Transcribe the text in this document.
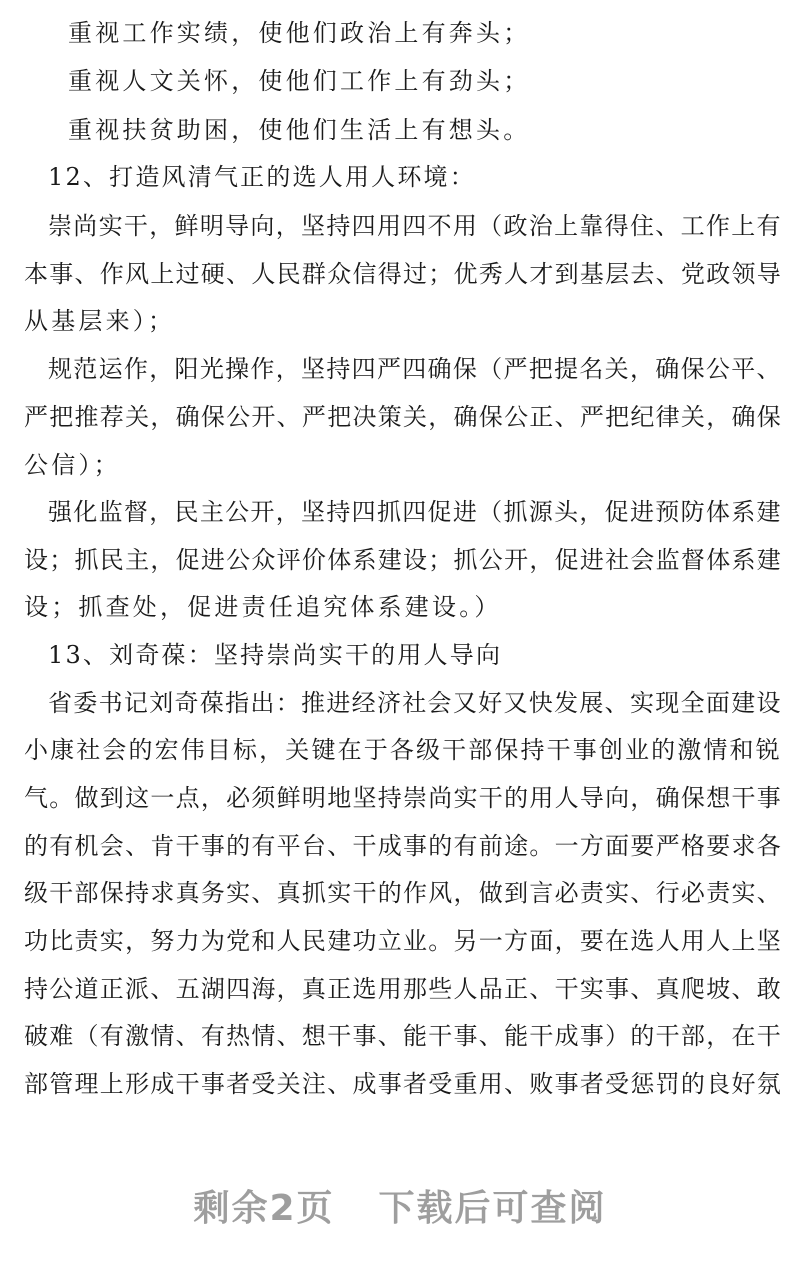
重视工作实绩，使他们政治上有奔头；
重视人文关怀，使他们工作上有劲头；
重视扶贫助困，使他们生活上有想头。
12、打造风清气正的选人用人环境：
崇尚实干，鲜明导向，坚持四用四不用（政治上靠得住、工作上有
本事、作风上过硬、人民群众信得过；优秀人才到基层去、党政领导
从基层来）；
规范运作，阳光操作，坚持四严四确保（严把提名关，确保公平、
严把推荐关，确保公开、严把决策关，确保公正、严把纪律关，确保
公信）；
强化监督，民主公开，坚持四抓四促进（抓源头，促进预防体系建
设；抓民主，促进公众评价体系建设；抓公开，促进社会监督体系建
设；抓查处，促进责任追究体系建设。）
13、刘奇葆：坚持崇尚实干的用人导向
省委书记刘奇葆指出：推进经济社会又好又快发展、实现全面建设
小康社会的宏伟目标，关键在于各级干部保持干事创业的激情和锐
气。做到这一点，必须鲜明地坚持崇尚实干的用人导向，确保想干事
的有机会、肯干事的有平台、干成事的有前途。一方面要严格要求各
级干部保持求真务实、真抓实干的作风，做到言必责实、行必责实、
功比责实，努力为党和人民建功立业。另一方面，要在选人用人上坚
持公道正派、五湖四海，真正选用那些人品正、干实事、真爬坡、敢
破难（有激情、有热情、想干事、能干事、能干成事）的干部，在干
部管理上形成干事者受关注、成事者受重用、败事者受惩罚的良好氛
剩余2页 下载后可查阅
